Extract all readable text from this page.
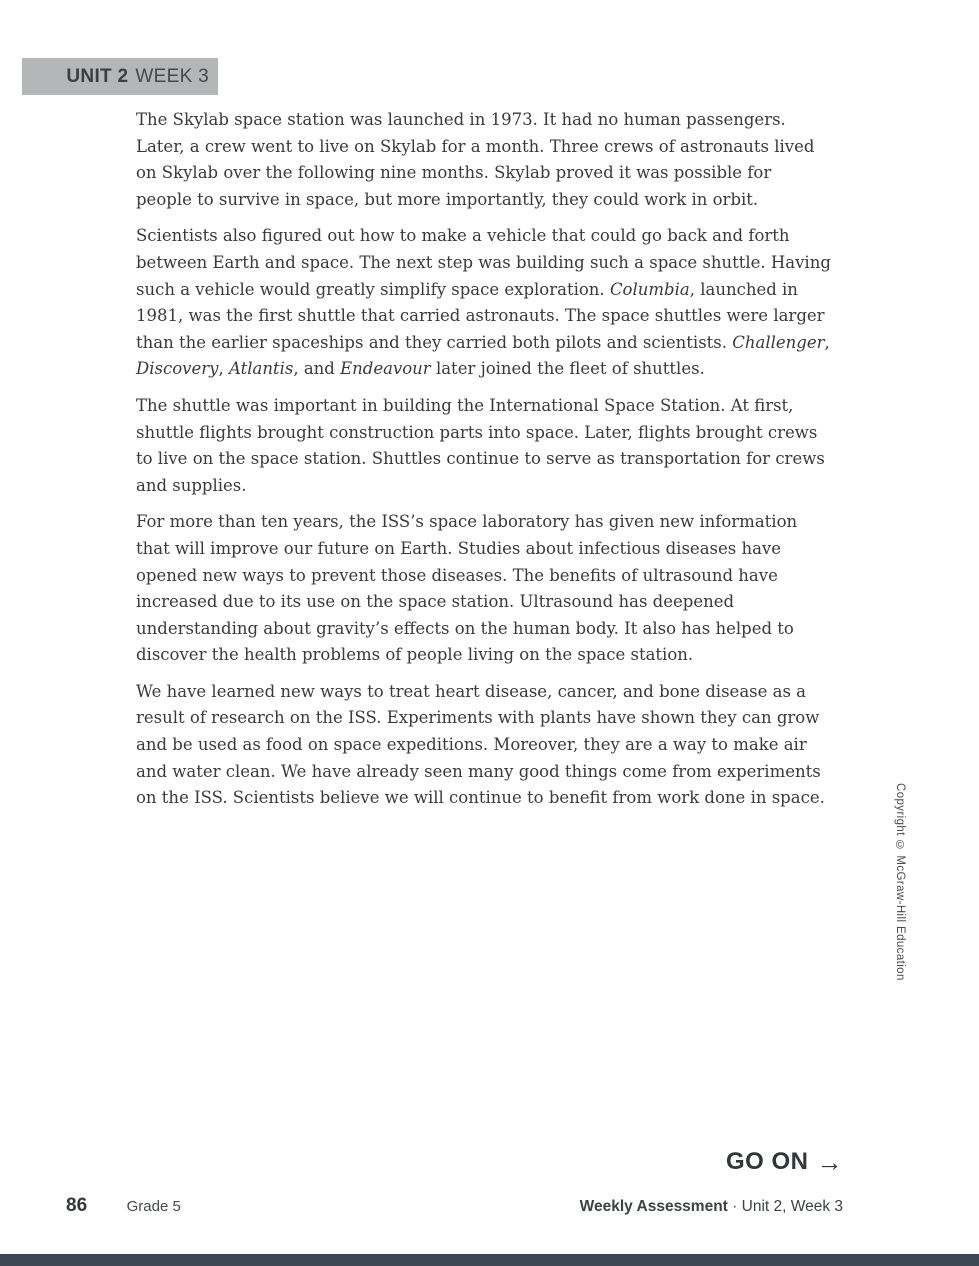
UNIT 2 WEEK 3
The Skylab space station was launched in 1973. It had no human passengers.
Later, a crew went to live on Skylab for a month. Three crews of astronauts lived
on Skylab over the following nine months. Skylab proved it was possible for
people to survive in space, but more importantly, they could work in orbit.
Scientists also figured out how to make a vehicle that could go back and forth
between Earth and space. The next step was building such a space shuttle. Having
such a vehicle would greatly simplify space exploration. Columbia, launched in
1981, was the first shuttle that carried astronauts. The space shuttles were larger
than the earlier spaceships and they carried both pilots and scientists. Challenger,
Discovery, Atlantis, and Endeavour later joined the fleet of shuttles.
The shuttle was important in building the International Space Station. At first,
shuttle flights brought construction parts into space. Later, flights brought crews
to live on the space station. Shuttles continue to serve as transportation for crews
and supplies.
For more than ten years, the ISS’s space laboratory has given new information
that will improve our future on Earth. Studies about infectious diseases have
opened new ways to prevent those diseases. The benefits of ultrasound have
increased due to its use on the space station. Ultrasound has deepened
understanding about gravity’s effects on the human body. It also has helped to
discover the health problems of people living on the space station.
We have learned new ways to treat heart disease, cancer, and bone disease as a
result of research on the ISS. Experiments with plants have shown they can grow
and be used as food on space expeditions. Moreover, they are a way to make air
and water clean. We have already seen many good things come from experiments
on the ISS. Scientists believe we will continue to benefit from work done in space.	Copyright © McGraw-Hill Education
GO ON →
86	Grade 5	Weekly Assessment · Unit 2, Week 3
